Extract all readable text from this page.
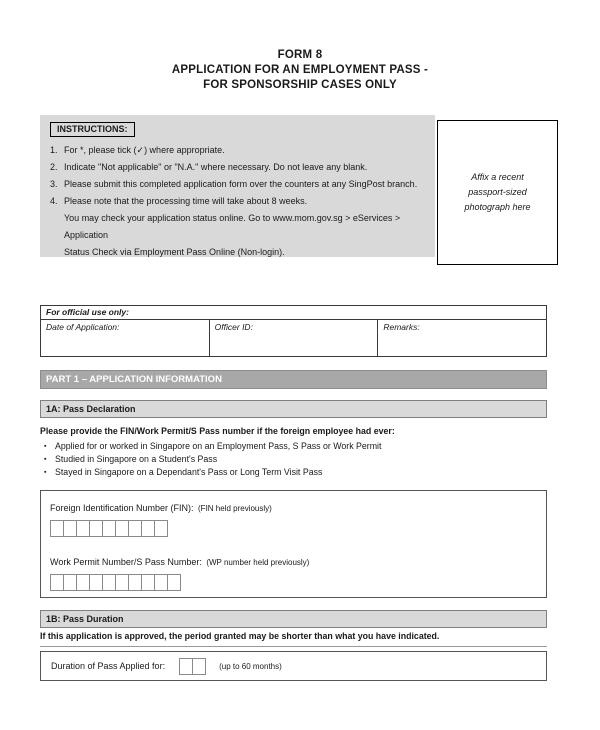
FORM 8
APPLICATION FOR AN EMPLOYMENT PASS -
FOR SPONSORSHIP CASES ONLY
INSTRUCTIONS:
1. For *, please tick (✓) where appropriate.
2. Indicate "Not applicable" or "N.A." where necessary. Do not leave any blank.
3. Please submit this completed application form over the counters at any SingPost branch.
4. Please note that the processing time will take about 8 weeks.
You may check your application status online. Go to www.mom.gov.sg > eServices > Application
Status Check via Employment Pass Online (Non-login).
Affix a recent passport-sized photograph here
For official use only:
Date of Application:	Officer ID:	Remarks:
PART 1 – APPLICATION INFORMATION
1A: Pass Declaration
Please provide the FIN/Work Permit/S Pass number if the foreign employee had ever:
▪ Applied for or worked in Singapore on an Employment Pass, S Pass or Work Permit
▪ Studied in Singapore on a Student's Pass
▪ Stayed in Singapore on a Dependant's Pass or Long Term Visit Pass
Foreign Identification Number (FIN): (FIN held previously)
Work Permit Number/S Pass Number: (WP number held previously)
1B: Pass Duration
If this application is approved, the period granted may be shorter than what you have indicated.
Duration of Pass Applied for:	(up to 60 months)
